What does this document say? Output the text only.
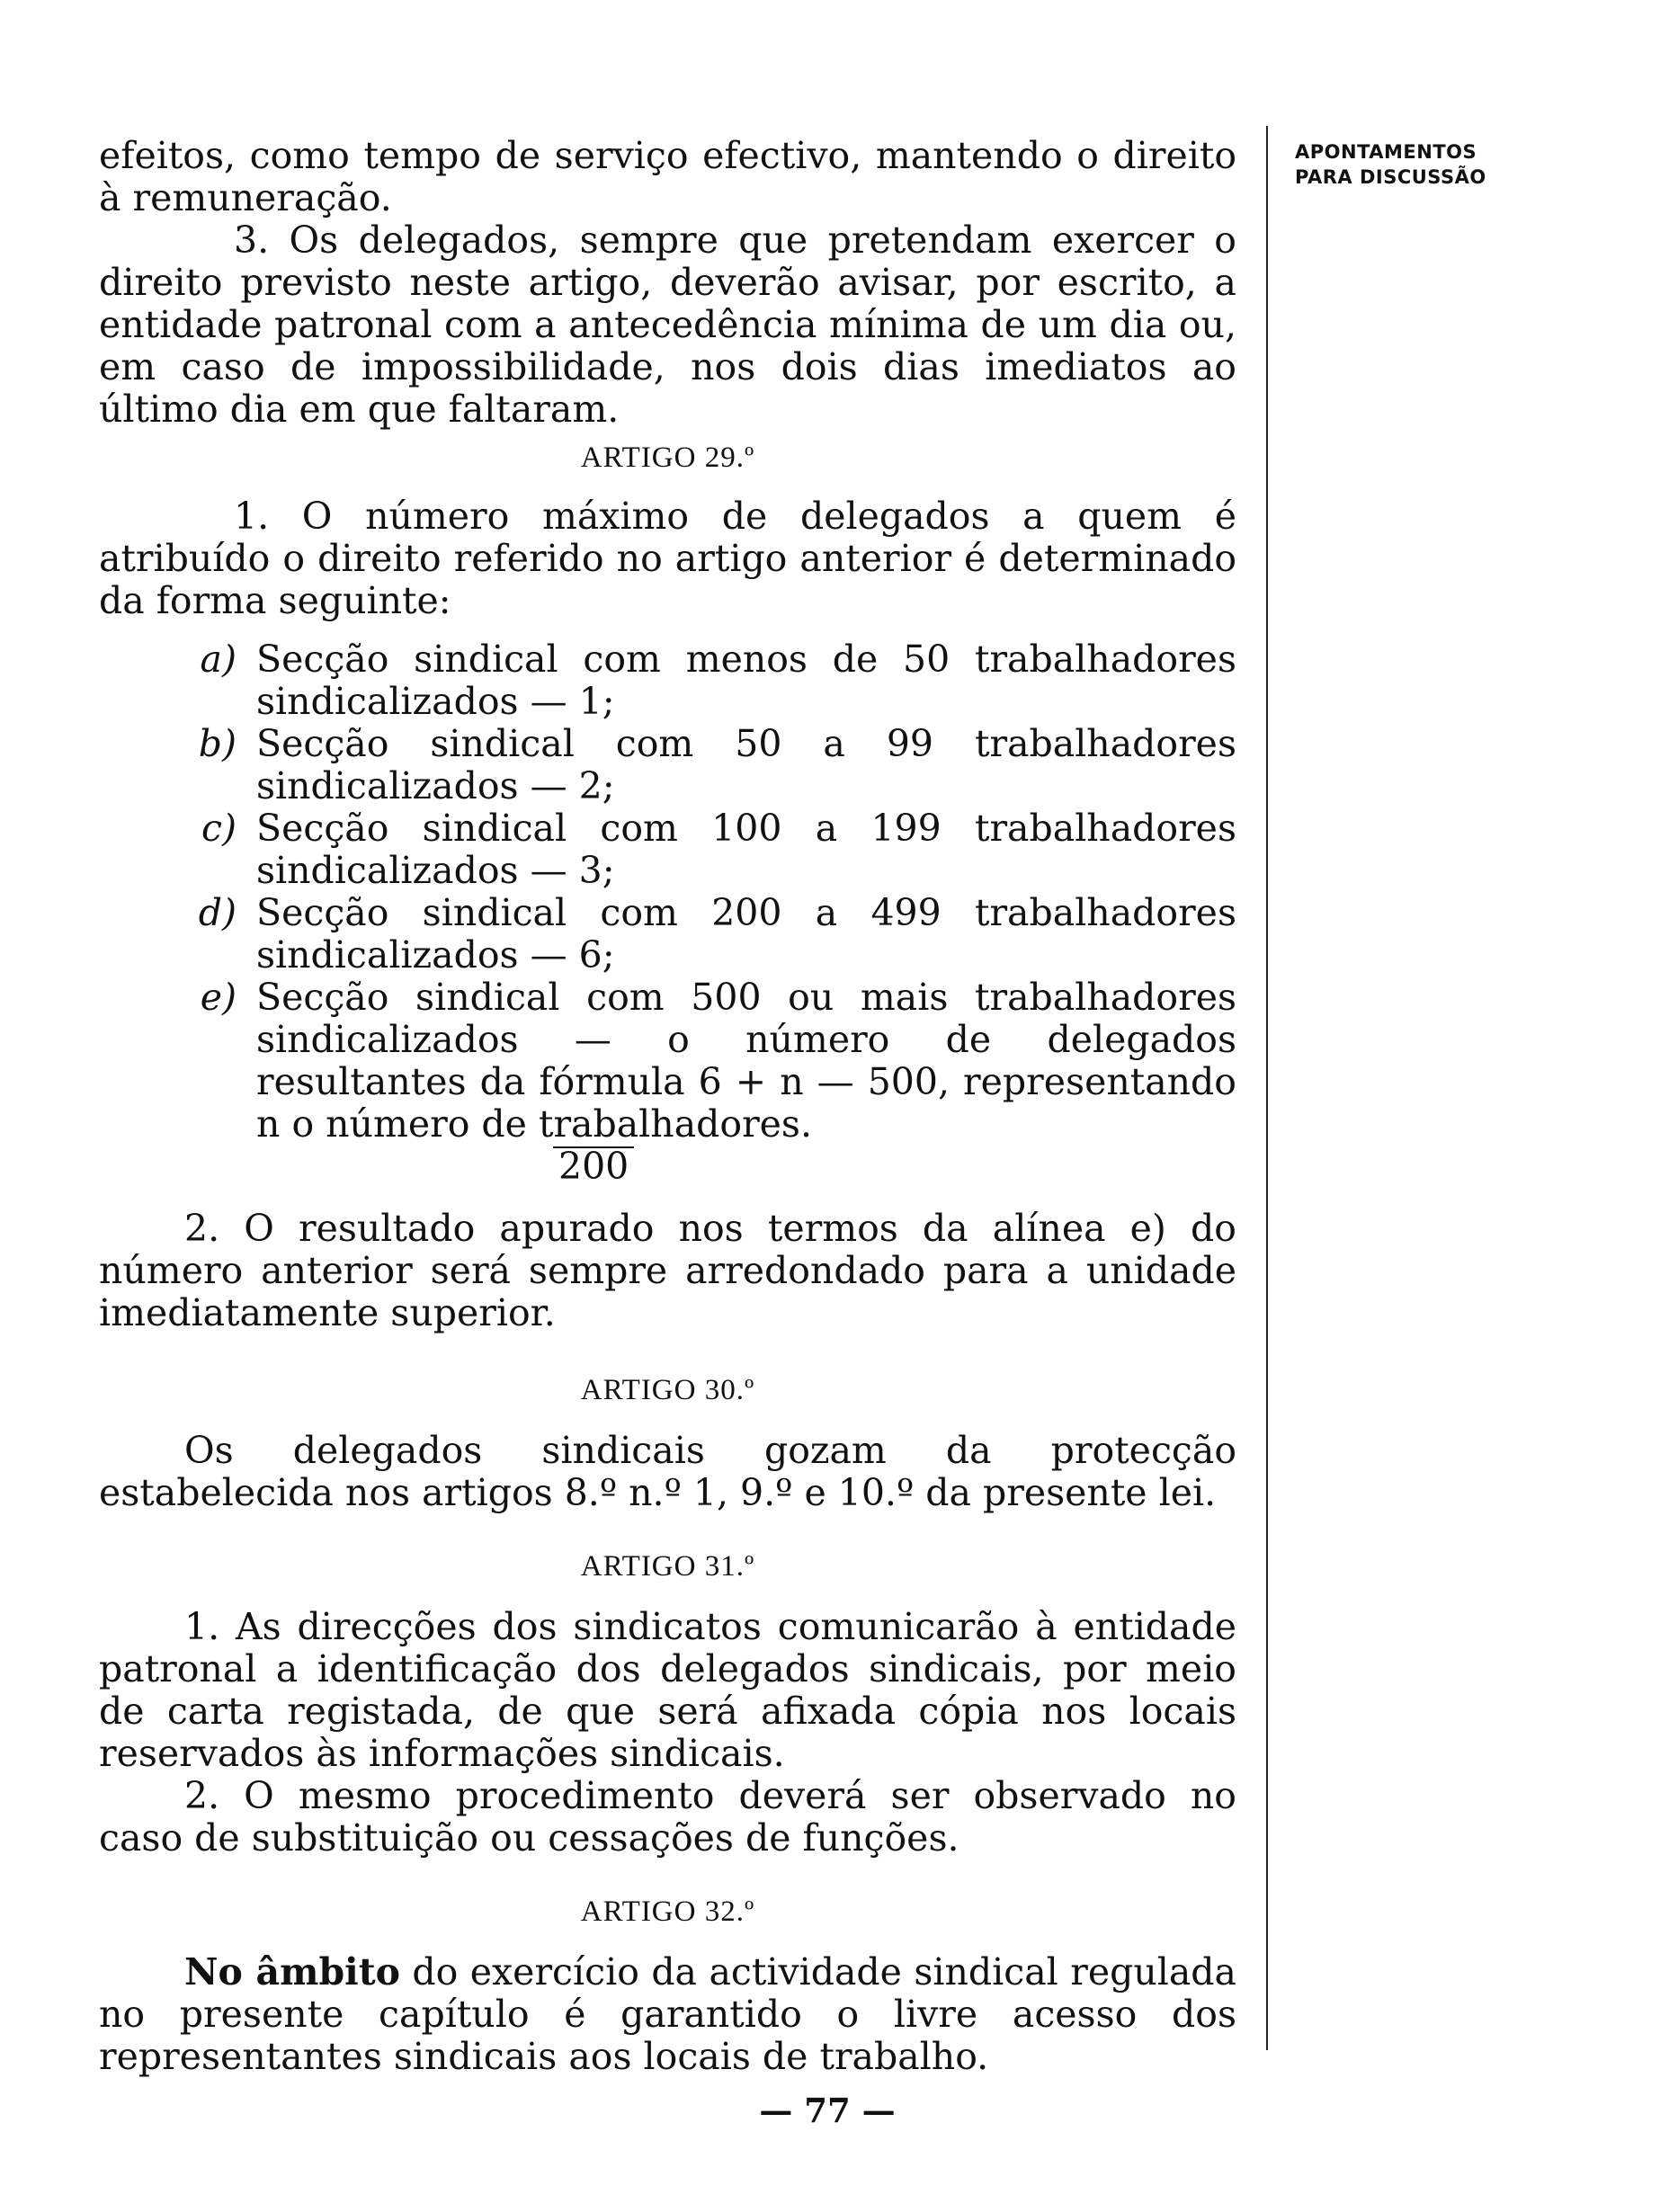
efeitos, como tempo de serviço efectivo, mantendo o direito à remuneração.

3. Os delegados, sempre que pretendam exercer o direito previsto neste artigo, deverão avisar, por escrito, a entidade patronal com a antecedência mínima de um dia ou, em caso de impossibilidade, nos dois dias imediatos ao último dia em que faltaram.

ARTIGO 29.º

1. O número máximo de delegados a quem é atribuído o direito referido no artigo anterior é determinado da forma seguinte:

a) Secção sindical com menos de 50 trabalhadores sindicalizados — 1;
b) Secção sindical com 50 a 99 trabalhadores sindicalizados — 2;
c) Secção sindical com 100 a 199 trabalhadores sindicalizados — 3;
d) Secção sindical com 200 a 499 trabalhadores sindicalizados — 6;
e) Secção sindical com 500 ou mais trabalhadores sindicalizados — o número de delegados resultantes da fórmula 6 + n — 500, representando n o número de trabalhadores.
200

2. O resultado apurado nos termos da alínea e) do número anterior será sempre arredondado para a unidade imediatamente superior.

ARTIGO 30.º

Os delegados sindicais gozam da protecção estabelecida nos artigos 8.º n.º 1, 9.º e 10.º da presente lei.

ARTIGO 31.º

1. As direcções dos sindicatos comunicarão à entidade patronal a identificação dos delegados sindicais, por meio de carta registada, de que será afixada cópia nos locais reservados às informações sindicais.

2. O mesmo procedimento deverá ser observado no caso de substituição ou cessações de funções.

ARTIGO 32.º

No âmbito do exercício da actividade sindical regulada no presente capítulo é garantido o livre acesso dos representantes sindicais aos locais de trabalho.

APONTAMENTOS
PARA DISCUSSÃO
— 77 —
